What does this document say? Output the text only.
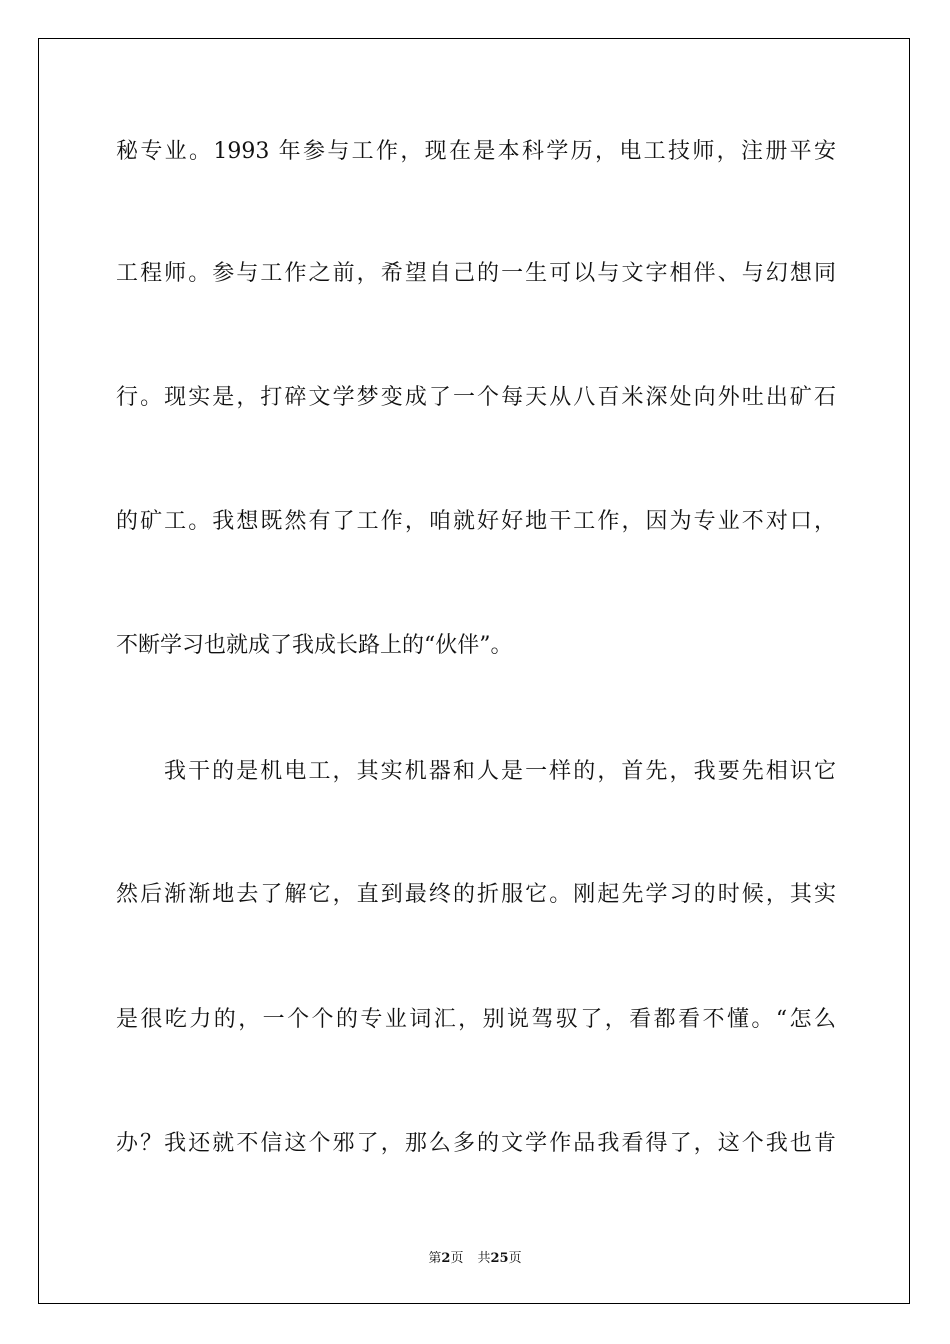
秘专业。1993 年参与工作，现在是本科学历，电工技师，注册平安
工程师。参与工作之前，希望自己的一生可以与文字相伴、与幻想同
行。现实是，打碎文学梦变成了一个每天从八百米深处向外吐出矿石
的矿工。我想既然有了工作，咱就好好地干工作，因为专业不对口，
不断学习也就成了我成长路上的“伙伴”。
我干的是机电工，其实机器和人是一样的，首先，我要先相识它
然后渐渐地去了解它，直到最终的折服它。刚起先学习的时候，其实
是很吃力的，一个个的专业词汇，别说驾驭了，看都看不懂。“怎么
办？我还就不信这个邪了，那么多的文学作品我看得了，这个我也肯
第2页 共25页
